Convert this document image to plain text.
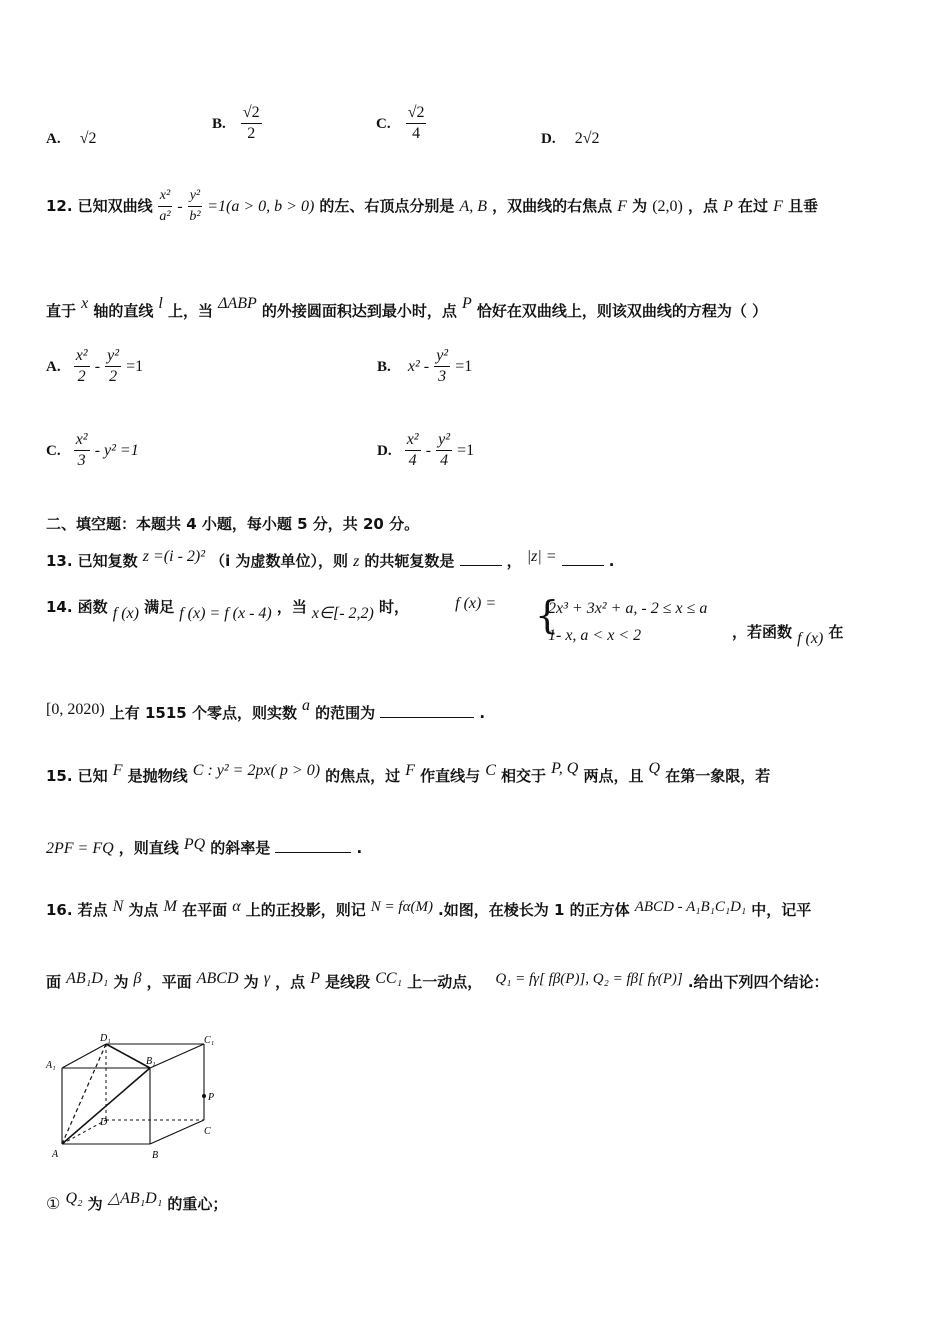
A. √2
B. $\frac{√2}{2}$	C. $\frac{√2}{4}$	D. 2√2
12. 已知双曲线 $\frac{\text{x²}}{\text{a²}} - \frac{\text{y²}}{\text{b²}} =1(a > 0$, b > 0) 的左、右顶点分别是 A, B ，双曲线的右焦点 F 为 (2,0) ，点 P 在过 F 且垂
直于 x 轴的直线 l 上，当 ΔABP 的外接圆面积达到最小时，点 P 恰好在双曲线上，则该双曲线的方程为（ ）
A. $\frac{\text{x²}}{2} - \frac{\text{y²}}{2} =1$	B. $x^2 - \frac{\text{y²}}{3} =1$
C. $\frac{\text{x²}}{3} - y^2 =1$	D. $\frac{\text{x²}}{4} - \frac{\text{y²}}{4} =1$
二、填空题：本题共 4 小题，每小题 5 分，共 20 分。
13. 已知复数 z =(i - 2)² （i 为虚数单位），则 z 的共轭复数是	， |z| =	.
14. 函数 f (x) 满足 f (x) = f (x - 4) ，当 x∈[- 2,2) 时，	f (x) = {
2x³ + 3x² + a, - 2 ≤ x ≤ a
1- x, a < x < 2	，若函数 f (x) 在
[0, 2020) 上有 1515 个零点，则实数 a 的范围为	.
15. 已知 F 是抛物线 C : y² = 2px( p > 0) 的焦点，过 F 作直线与 C 相交于 P, Q 两点，且 Q 在第一象限，若
2PF = FQ ，则直线 PQ 的斜率是	.
16. 若点 N 为点 M 在平面 α 上的正投影，则记 N = fα(M) .如图，在棱长为 1 的正方体 ABCD - A₁B₁C₁D₁ 中，记平
面 AB₁D₁ 为 β ，平面 ABCD 为 γ ，点 P 是线段 CC₁ 上一动点， Q₁ = fγ[ fβ(P)], Q₂ = fβ[ fγ(P)] .给出下列四个结论：
D₁
B₁
C₁
A₁
D
C
P
A	B
① Q₂ 为 △AB₁D₁ 的重心；
